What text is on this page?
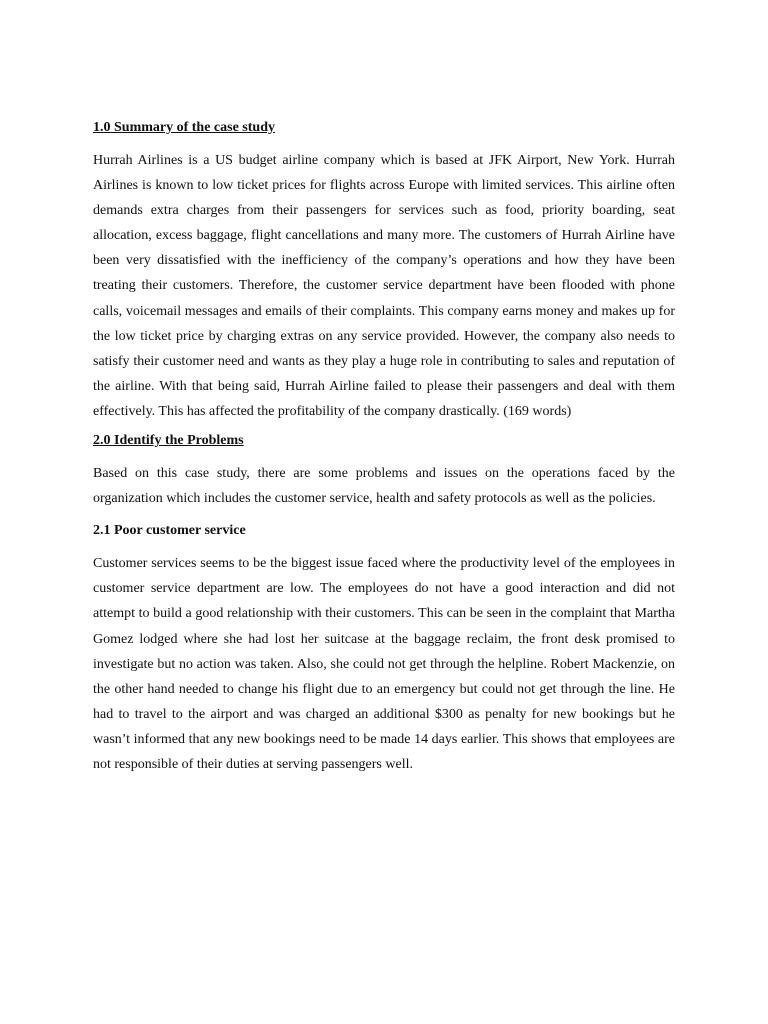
1.0 Summary of the case study

Hurrah Airlines is a US budget airline company which is based at JFK Airport, New York. Hurrah Airlines is known to low ticket prices for flights across Europe with limited services. This airline often demands extra charges from their passengers for services such as food, priority boarding, seat allocation, excess baggage, flight cancellations and many more. The customers of Hurrah Airline have been very dissatisfied with the inefficiency of the company’s operations and how they have been treating their customers. Therefore, the customer service department have been flooded with phone calls, voicemail messages and emails of their complaints. This company earns money and makes up for the low ticket price by charging extras on any service provided. However, the company also needs to satisfy their customer need and wants as they play a huge role in contributing to sales and reputation of the airline. With that being said, Hurrah Airline failed to please their passengers and deal with them effectively. This has affected the profitability of the company drastically. (169 words)

2.0 Identify the Problems

Based on this case study, there are some problems and issues on the operations faced by the organization which includes the customer service, health and safety protocols as well as the policies.

2.1 Poor customer service

Customer services seems to be the biggest issue faced where the productivity level of the employees in customer service department are low. The employees do not have a good interaction and did not attempt to build a good relationship with their customers. This can be seen in the complaint that Martha Gomez lodged where she had lost her suitcase at the baggage reclaim, the front desk promised to investigate but no action was taken. Also, she could not get through the helpline. Robert Mackenzie, on the other hand needed to change his flight due to an emergency but could not get through the line. He had to travel to the airport and was charged an additional $300 as penalty for new bookings but he wasn’t informed that any new bookings need to be made 14 days earlier. This shows that employees are not responsible of their duties at serving passengers well.
